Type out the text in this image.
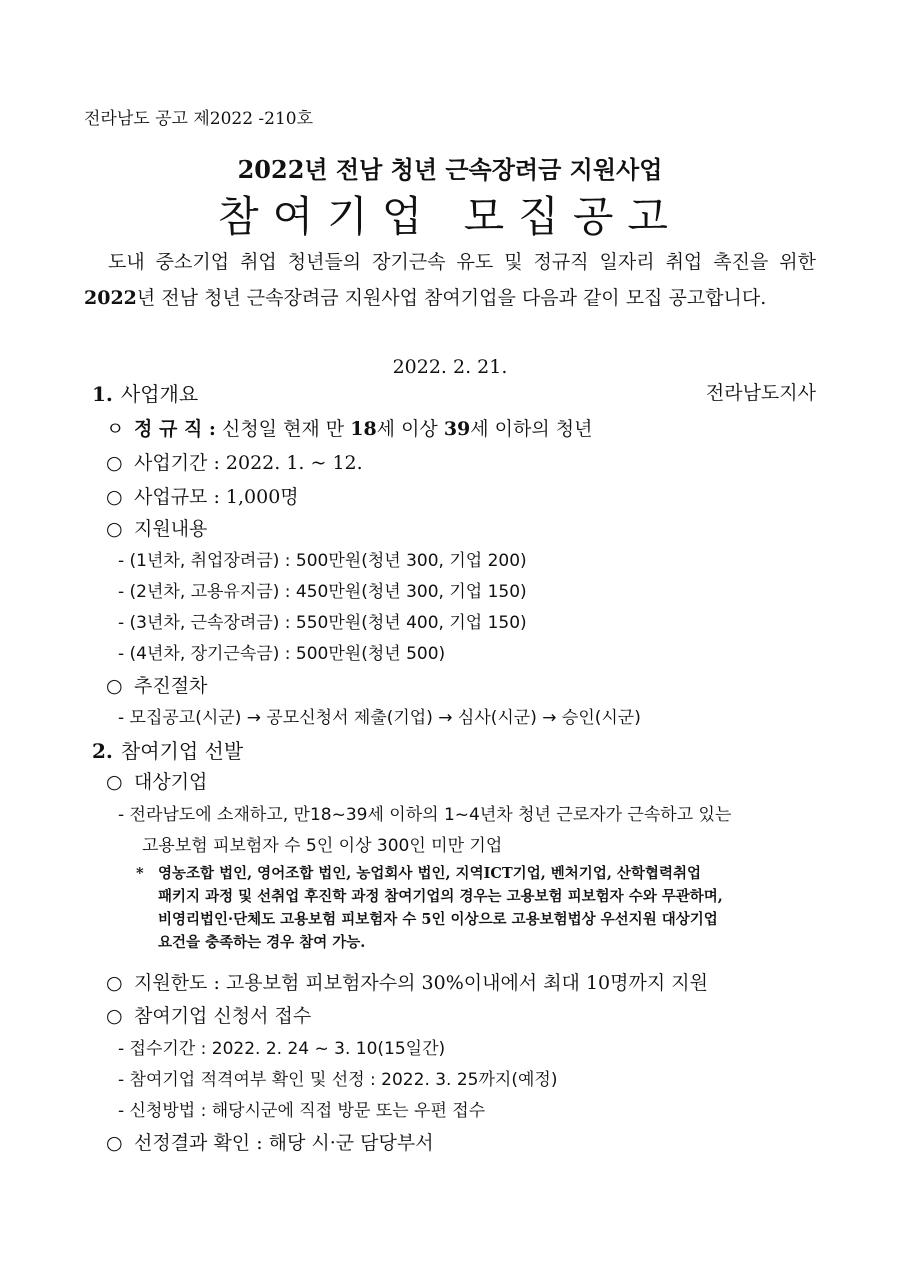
전라남도 공고 제2022 -210호
2022년 전남 청년 근속장려금 지원사업
참여기업 모집공고
도내 중소기업 취업 청년들의 장기근속 유도 및 정규직 일자리 취업 촉진을 위한 2022년 전남 청년 근속장려금 지원사업 참여기업을 다음과 같이 모집 공고합니다.
2022. 2. 21.
전라남도지사
1. 사업개요
ㅇ 정 규 직 : 신청일 현재 만 18세 이상 39세 이하의 청년
○ 사업기간 : 2022. 1. ~ 12.
○ 사업규모 : 1,000명
○ 지원내용
- (1년차, 취업장려금) : 500만원(청년 300, 기업 200)
- (2년차, 고용유지금) : 450만원(청년 300, 기업 150)
- (3년차, 근속장려금) : 550만원(청년 400, 기업 150)
- (4년차, 장기근속금) : 500만원(청년 500)
○ 추진절차
- 모집공고(시군) → 공모신청서 제출(기업) → 심사(시군) → 승인(시군)
2. 참여기업 선발
○ 대상기업
- 전라남도에 소재하고, 만18~39세 이하의 1~4년차 청년 근로자가 근속하고 있는
고용보험 피보험자 수 5인 이상 300인 미만 기업
* 영농조합 법인, 영어조합 법인, 농업회사 법인, 지역ICT기업, 벤처기업, 산학협력취업
패키지 과정 및 선취업 후진학 과정 참여기업의 경우는 고용보험 피보험자 수와 무관하며,
비영리법인·단체도 고용보험 피보험자 수 5인 이상으로 고용보험법상 우선지원 대상기업
요건을 충족하는 경우 참여 가능.
○ 지원한도 : 고용보험 피보험자수의 30%이내에서 최대 10명까지 지원
○ 참여기업 신청서 접수
- 접수기간 : 2022. 2. 24 ~ 3. 10(15일간)
- 참여기업 적격여부 확인 및 선정 : 2022. 3. 25까지(예정)
- 신청방법 : 해당시군에 직접 방문 또는 우편 접수
○ 선정결과 확인 : 해당 시·군 담당부서
